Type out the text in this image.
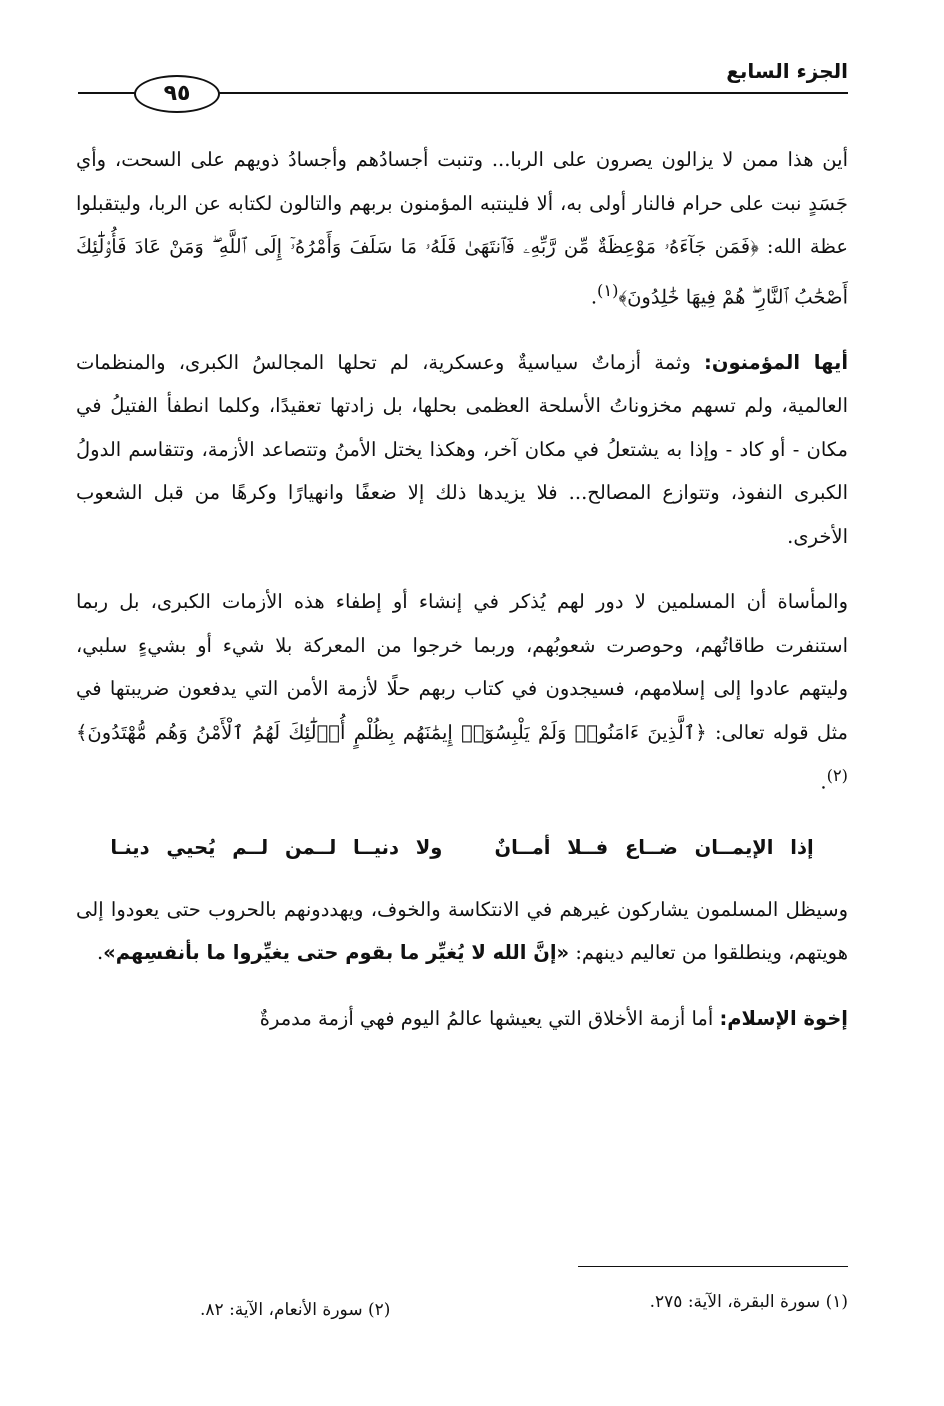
الجزء السابع
٩٥

أين هذا ممن لا يزالون يصرون على الربا... وتنبت أجسادُهم وأجسادُ ذويهم على السحت، وأي جَسَدٍ نبت على حرام فالنار أولى به، ألا فلينتبه المؤمنون بربهم والتالون لكتابه عن الربا، وليتقبلوا عظة الله: ﴿فَمَن جَآءَهُۥ مَوْعِظَةٌ مِّن رَّبِّهِۦ فَٱنتَهَىٰ فَلَهُۥ مَا سَلَفَ وَأَمْرُهُۥٓ إِلَى ٱللَّهِ ۖ وَمَنْ عَادَ فَأُو۟لَٰٓئِكَ أَصْحَٰبُ ٱلنَّارِ ۖ هُمْ فِيهَا خَٰلِدُونَ﴾$^{(١)}$.

أيها المؤمنون: وثمة أزماتٌ سياسيةٌ وعسكرية، لم تحلها المجالسُ الكبرى، والمنظمات العالمية، ولم تسهم مخزوناتُ الأسلحة العظمى بحلها، بل زادتها تعقيدًا، وكلما انطفأ الفتيلُ في مكان - أو كاد - وإذا به يشتعلُ في مكان آخر، وهكذا يختل الأمنُ وتتصاعد الأزمة، وتتقاسم الدولُ الكبرى النفوذ، وتتوازع المصالح... فلا يزيدها ذلك إلا ضعفًا وانهيارًا وكرهًا من قبل الشعوب الأخرى.

والمأساة أن المسلمين لا دور لهم يُذكر في إنشاء أو إطفاء هذه الأزمات الكبرى، بل ربما استنفرت طاقاتُهم، وحوصرت شعوبُهم، وربما خرجوا من المعركة بلا شيء أو بشيءٍ سلبي، وليتهم عادوا إلى إسلامهم، فسيجدون في كتاب ربهم حلًا لأزمة الأمن التي يدفعون ضريبتها في مثل قوله تعالى: ﴿ٱلَّذِينَ ءَامَنُوا۟ وَلَمْ يَلْبِسُوٓا۟ إِيمَٰنَهُم بِظُلْمٍ أُو۟لَٰٓئِكَ لَهُمُ ٱلْأَمْنُ وَهُم مُّهْتَدُونَ﴾$^{(٢)}$.

إذا الإيمــان ضــاع فــلا أمــانٌولا دنيــا لــمن لــم يُحيي دينـا

وسيظل المسلمون يشاركون غيرهم في الانتكاسة والخوف، ويهددونهم بالحروب حتى يعودوا إلى هويتهم، وينطلقوا من تعاليم دينهم: «إنَّ الله لا يُغيِّر ما بقوم حتى يغيِّروا ما بأنفسِهم».

إخوة الإسلام: أما أزمة الأخلاق التي يعيشها عالمُ اليوم فهي أزمة مدمرةٌ

(١) سورة البقرة، الآية: ٢٧٥.
(٢) سورة الأنعام، الآية: ٨٢.
